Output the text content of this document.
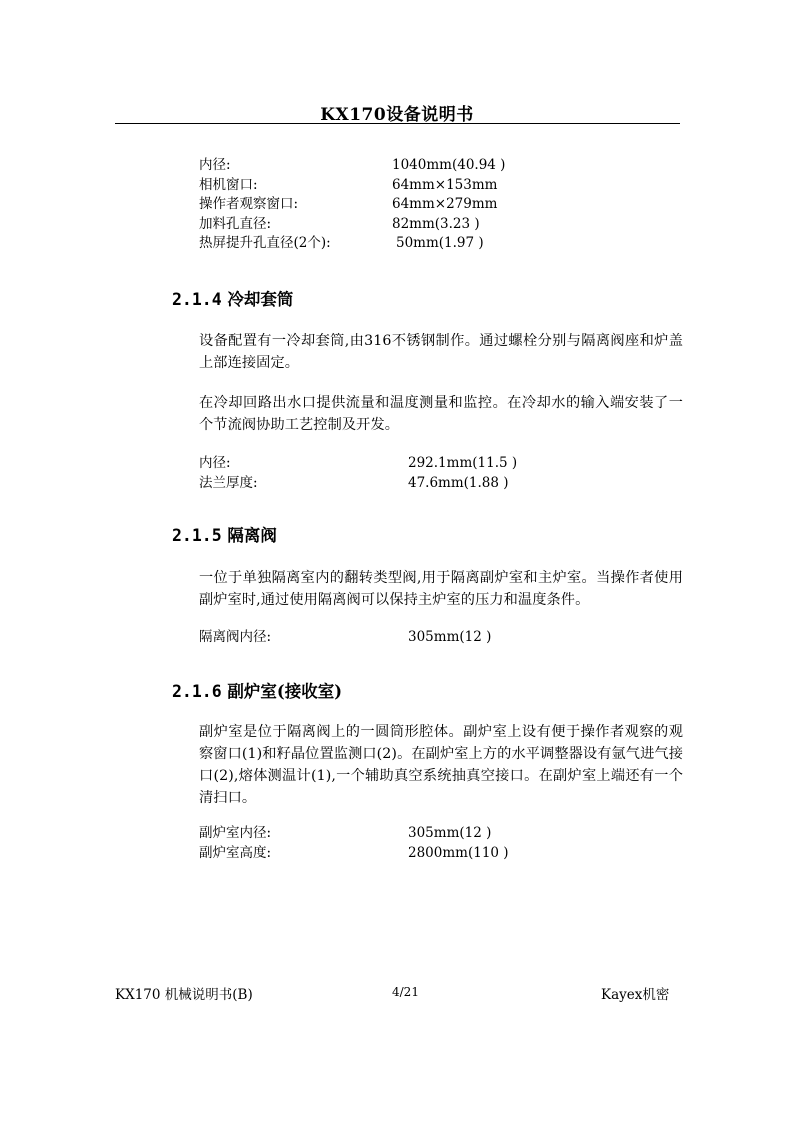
KX170设备说明书
内径:	1040mm(40.94 )
相机窗口:	64mm×153mm
操作者观察窗口:	64mm×279mm
加料孔直径:	82mm(3.23 )
热屏提升孔直径(2个):	50mm(1.97 )
2.1.4 冷却套筒

设备配置有一冷却套筒,由316不锈钢制作。通过螺栓分别与隔离阀座和炉盖上部连接固定。

在冷却回路出水口提供流量和温度测量和监控。在冷却水的输入端安装了一个节流阀协助工艺控制及开发。

内径:	292.1mm(11.5 )
法兰厚度:	47.6mm(1.88 )
2.1.5 隔离阀

一位于单独隔离室内的翻转类型阀,用于隔离副炉室和主炉室。当操作者使用副炉室时,通过使用隔离阀可以保持主炉室的压力和温度条件。

隔离阀内径:	305mm(12 )
2.1.6 副炉室(接收室)

副炉室是位于隔离阀上的一圆筒形腔体。副炉室上设有便于操作者观察的观察窗口(1)和籽晶位置监测口(2)。在副炉室上方的水平调整器设有氩气进气接口(2),熔体测温计(1),一个辅助真空系统抽真空接口。在副炉室上端还有一个清扫口。

副炉室内径:	305mm(12 )
副炉室高度:	2800mm(110 )
KX170 机械说明书(B)	4/21	Kayex机密
